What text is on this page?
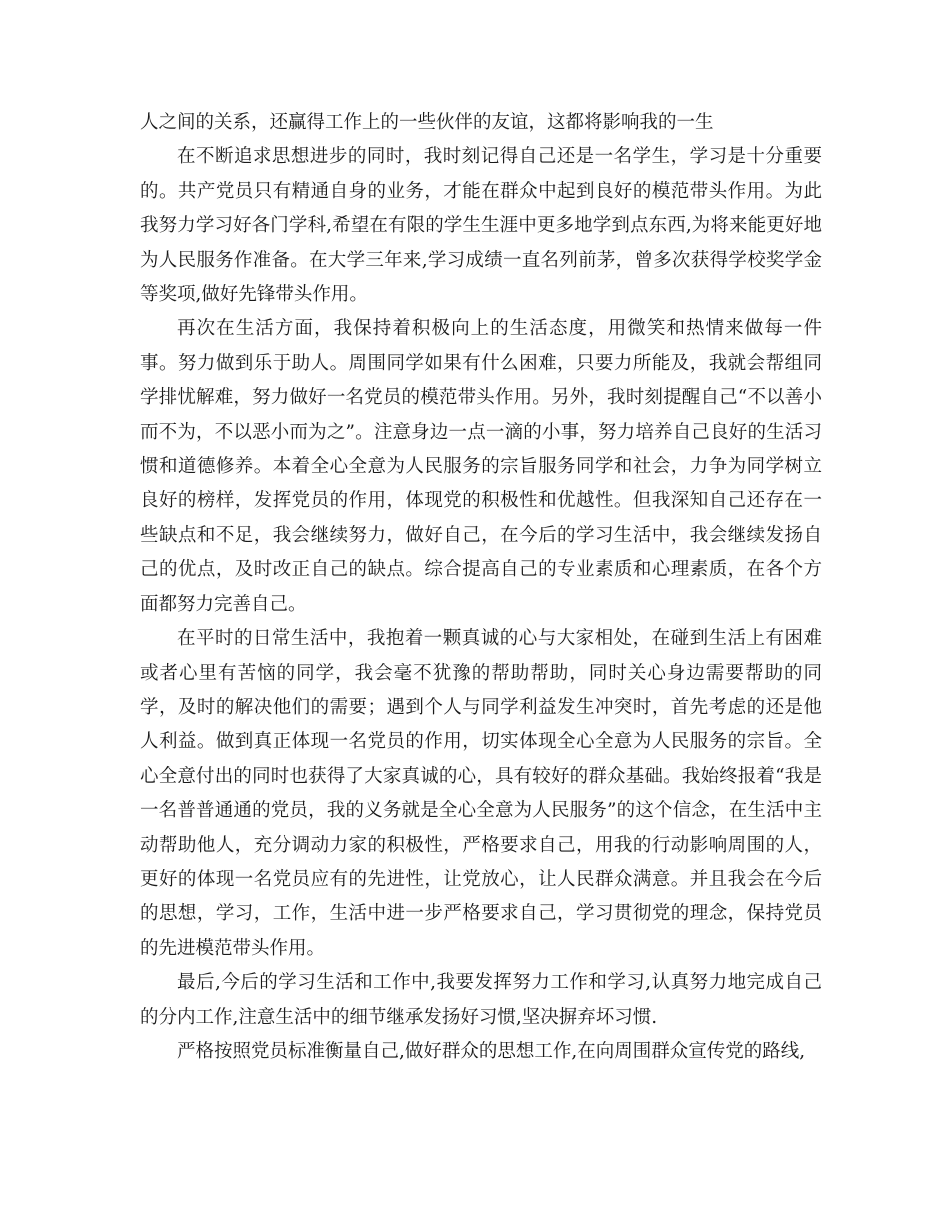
人之间的关系，还赢得工作上的一些伙伴的友谊，这都将影响我的一生

在不断追求思想进步的同时，我时刻记得自己还是一名学生，学习是十分重要的。共产党员只有精通自身的业务，才能在群众中起到良好的模范带头作用。为此我努力学习好各门学科,希望在有限的学生生涯中更多地学到点东西,为将来能更好地为人民服务作准备。在大学三年来,学习成绩一直名列前茅，曾多次获得学校奖学金等奖项,做好先锋带头作用。

再次在生活方面，我保持着积极向上的生活态度，用微笑和热情来做每一件事。努力做到乐于助人。周围同学如果有什么困难，只要力所能及，我就会帮组同学排忧解难，努力做好一名党员的模范带头作用。另外，我时刻提醒自己“不以善小而不为，不以恶小而为之”。注意身边一点一滴的小事，努力培养自己良好的生活习惯和道德修养。本着全心全意为人民服务的宗旨服务同学和社会，力争为同学树立良好的榜样，发挥党员的作用，体现党的积极性和优越性。但我深知自己还存在一些缺点和不足，我会继续努力，做好自己，在今后的学习生活中，我会继续发扬自己的优点，及时改正自己的缺点。综合提高自己的专业素质和心理素质，在各个方面都努力完善自己。

在平时的日常生活中，我抱着一颗真诚的心与大家相处，在碰到生活上有困难或者心里有苦恼的同学，我会毫不犹豫的帮助帮助，同时关心身边需要帮助的同学，及时的解决他们的需要；遇到个人与同学利益发生冲突时，首先考虑的还是他人利益。做到真正体现一名党员的作用，切实体现全心全意为人民服务的宗旨。全心全意付出的同时也获得了大家真诚的心，具有较好的群众基础。我始终报着“我是一名普普通通的党员，我的义务就是全心全意为人民服务”的这个信念，在生活中主动帮助他人，充分调动力家的积极性，严格要求自己，用我的行动影响周围的人，更好的体现一名党员应有的先进性，让党放心，让人民群众满意。并且我会在今后的思想，学习，工作，生活中进一步严格要求自己，学习贯彻党的理念，保持党员的先进模范带头作用。

最后,今后的学习生活和工作中,我要发挥努力工作和学习,认真努力地完成自己的分内工作,注意生活中的细节继承发扬好习惯,坚决摒弃坏习惯.

严格按照党员标准衡量自己,做好群众的思想工作,在向周围群众宣传党的路线,
